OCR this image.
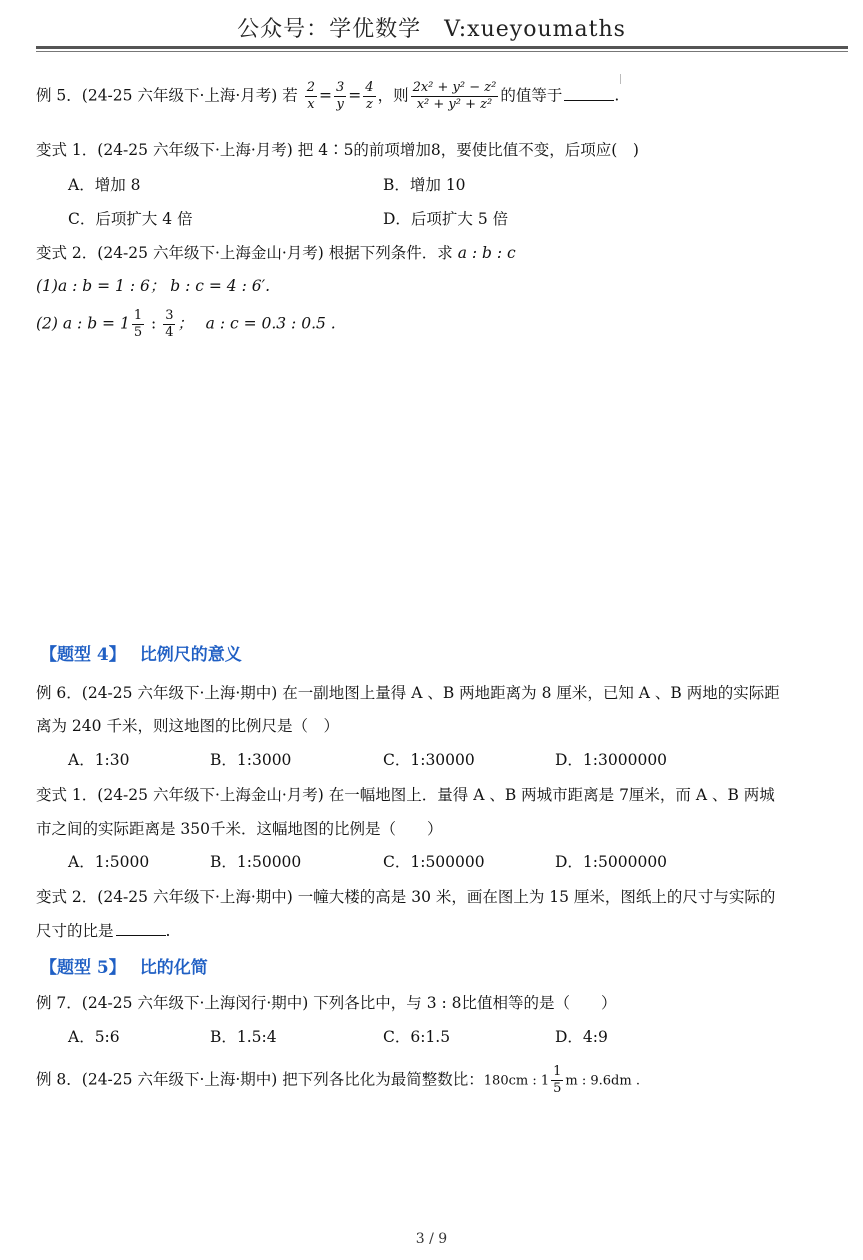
公众号：学优数学　V:xueyoumaths
例 5．(24-25 六年级下·上海·月考) 若 $\frac{2}{x} = \frac{3}{y} = \frac{4}{z}$ ，则 $\frac{\text{2x² + y² − z²}}{\text{x² + y² + z²}}$ 的值等于	.
变式 1．(24-25 六年级下·上海·月考) 把 4∶5的前项增加8，要使比值不变，后项应(　)
A．增加 8	B．增加 10
C．后项扩大 4 倍	D．后项扩大 5 倍
变式 2．(24-25 六年级下·上海金山·月考) 根据下列条件．求 a : b : c
(1)a : b = 1 : 6； b : c = 4 : 6′.
(2) a : $b = 1 \frac{1}{5}$ : $\frac{3}{4}$ ；　 a : c = 0.3 : 0.5 .
【题型 4】 比例尺的意义
例 6．(24-25 六年级下·上海·期中) 在一副地图上量得 A 、B 两地距离为 8 厘米，已知 A 、B 两地的实际距
离为 240 千米，则这地图的比例尺是（　）
A．1:30	B．1:3000	C．1:30000	D．1:3000000
变式 1．(24-25 六年级下·上海金山·月考) 在一幅地图上．量得 A 、B 两城市距离是 7厘米，而 A 、B 两城
市之间的实际距离是 350千米．这幅地图的比例是（　　）
A．1:5000	B．1:50000	C．1:500000	D．1:5000000
变式 2．(24-25 六年级下·上海·期中) 一幢大楼的高是 30 米，画在图上为 15 厘米，图纸上的尺寸与实际的
尺寸的比是	.
【题型 5】 比的化简
例 7．(24-25 六年级下·上海闵行·期中) 下列各比中，与 3 : 8比值相等的是（　　）
A．5:6	B．1.5:4	C．6:1.5	D．4:9
例 8．(24-25 六年级下·上海·期中) 把下列各比化为最简整数比：180cm : $1 \frac{1}{5}$ m : 9.6dm .
3 / 9
